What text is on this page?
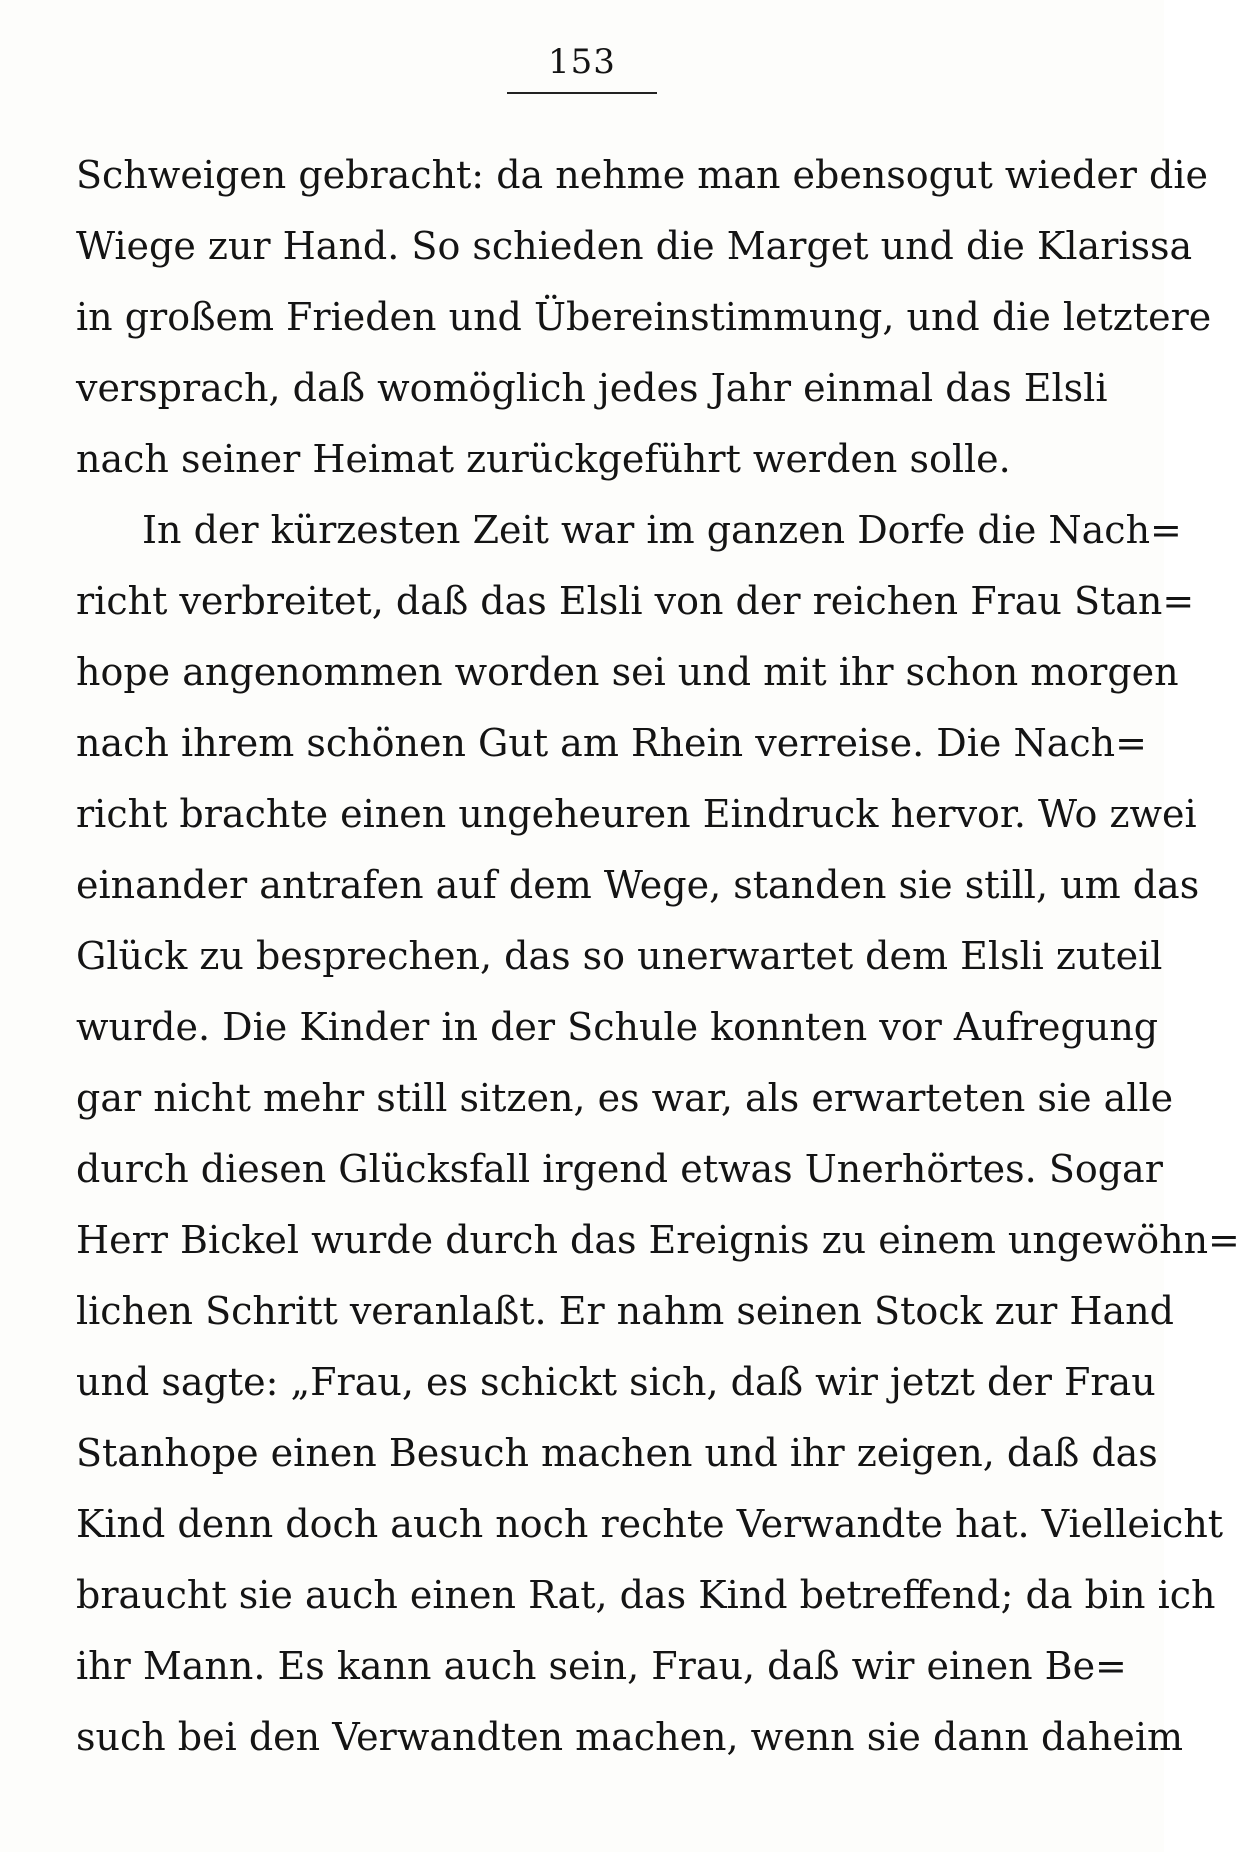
153
Schweigen gebracht: da nehme man ebensogut wieder die
Wiege zur Hand. So schieden die Marget und die Klarissa
in großem Frieden und Übereinstimmung, und die letztere
versprach, daß womöglich jedes Jahr einmal das Elsli
nach seiner Heimat zurückgeführt werden solle.
In der kürzesten Zeit war im ganzen Dorfe die Nach=
richt verbreitet, daß das Elsli von der reichen Frau Stan=
hope angenommen worden sei und mit ihr schon morgen
nach ihrem schönen Gut am Rhein verreise. Die Nach=
richt brachte einen ungeheuren Eindruck hervor. Wo zwei
einander antrafen auf dem Wege, standen sie still, um das
Glück zu besprechen, das so unerwartet dem Elsli zuteil
wurde. Die Kinder in der Schule konnten vor Aufregung
gar nicht mehr still sitzen, es war, als erwarteten sie alle
durch diesen Glücksfall irgend etwas Unerhörtes. Sogar
Herr Bickel wurde durch das Ereignis zu einem ungewöhn=
lichen Schritt veranlaßt. Er nahm seinen Stock zur Hand
und sagte: „Frau, es schickt sich, daß wir jetzt der Frau
Stanhope einen Besuch machen und ihr zeigen, daß das
Kind denn doch auch noch rechte Verwandte hat. Vielleicht
braucht sie auch einen Rat, das Kind betreffend; da bin ich
ihr Mann. Es kann auch sein, Frau, daß wir einen Be=
such bei den Verwandten machen, wenn sie dann daheim
